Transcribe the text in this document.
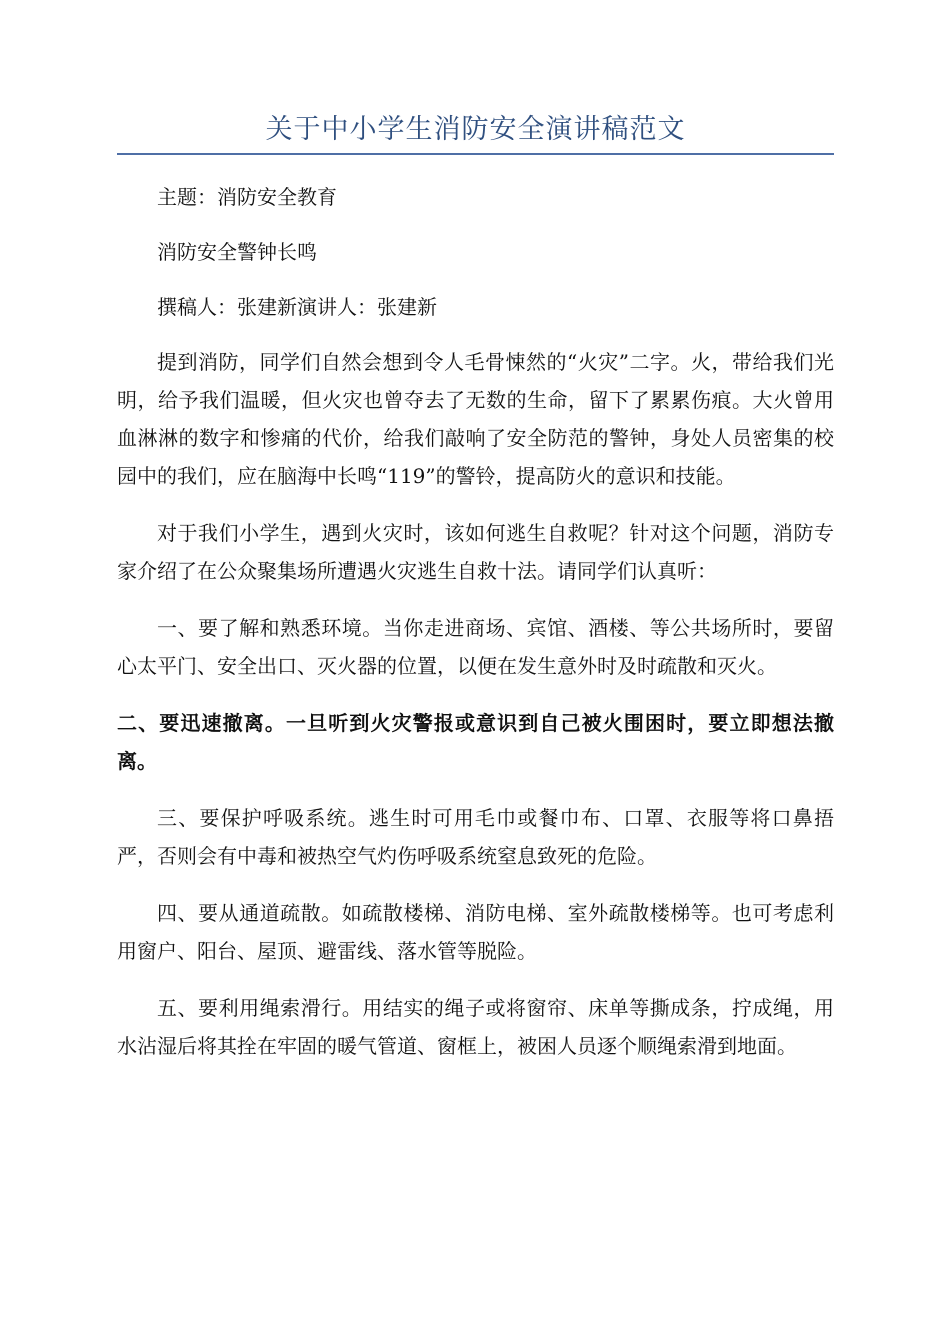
关于中小学生消防安全演讲稿范文

主题：消防安全教育

消防安全警钟长鸣

撰稿人：张建新演讲人：张建新

提到消防，同学们自然会想到令人毛骨悚然的“火灾”二字。火，带给我们光明，给予我们温暖，但火灾也曾夺去了无数的生命，留下了累累伤痕。大火曾用血淋淋的数字和惨痛的代价，给我们敲响了安全防范的警钟，身处人员密集的校园中的我们，应在脑海中长鸣“119”的警铃，提高防火的意识和技能。

对于我们小学生，遇到火灾时，该如何逃生自救呢？针对这个问题，消防专家介绍了在公众聚集场所遭遇火灾逃生自救十法。请同学们认真听：

一、要了解和熟悉环境。当你走进商场、宾馆、酒楼、等公共场所时，要留心太平门、安全出口、灭火器的位置，以便在发生意外时及时疏散和灭火。

二、要迅速撤离。一旦听到火灾警报或意识到自己被火围困时，要立即想法撤离。

三、要保护呼吸系统。逃生时可用毛巾或餐巾布、口罩、衣服等将口鼻捂严，否则会有中毒和被热空气灼伤呼吸系统窒息致死的危险。

四、要从通道疏散。如疏散楼梯、消防电梯、室外疏散楼梯等。也可考虑利用窗户、阳台、屋顶、避雷线、落水管等脱险。

五、要利用绳索滑行。用结实的绳子或将窗帘、床单等撕成条，拧成绳，用水沾湿后将其拴在牢固的暖气管道、窗框上，被困人员逐个顺绳索滑到地面。
